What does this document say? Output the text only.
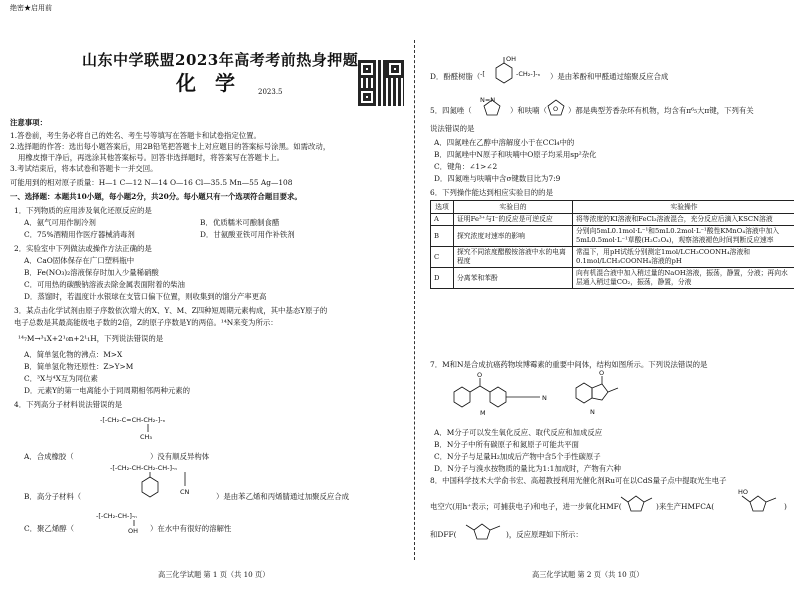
绝密★启用前
山东中学联盟2023年高考考前热身押题
化 学 2023.5
注意事项：
1.答卷前，考生务必将自己的姓名、考生号等填写在答题卡和试卷指定位置。
2.选择题的作答：选出每小题答案后，用2B铅笔把答题卡上对应题目的答案标号涂黑。如需改动，
用橡皮擦干净后，再选涂其他答案标号。回答非选择题时，将答案写在答题卡上。
3.考试结束后，将本试卷和答题卡一并交回。
可能用到的相对原子质量：H—1 C—12 N—14 O—16 Cl—35.5 Mn—55 Ag—108
一、选择题：本题共10小题，每小题2分，共20分。每小题只有一个选项符合题目要求。
1．下列物质的应用涉及氧化还原反应的是
A．氨气可用作制冷剂	B．优质糯米可酿制食醋
C．75%酒精用作医疗器械消毒剂	D．甘氨酸亚铁可用作补铁剂
2．实验室中下列做法或操作方法正确的是
A．CaO固体保存在广口塑料瓶中
B．Fe(NO₃)₂溶液保存时加入少量稀硝酸
C．可用热的碳酸钠溶液去除金属表面附着的柴油
D．蒸馏时，若温度计水银球在支管口偏下位置，则收集到的馏分产率更高
3．某点击化学试剂由原子序数依次增大的X、Y、M、Z四种短周期元素构成，其中基态Y原子的
电子总数是其最高能级电子数的2倍，Z的原子序数是Y的两倍。¹⁴N来变为所示：
¹⁴₇M→³₁X+2¹₀n+2¹₁H，下列说法错误的是
A．简单氢化物的沸点：M>X
B．简单氢化物还原性：Z>Y>M
C．³X与⁴X互为同位素
D．元素Y的第一电离能小于同周期相邻两种元素的
4．下列高分子材料说法错误的是
-[-CH₂-C=CH-CH₂-]-ₙ
CH₃
A．合成橡胶（	）没有顺反异构体
-[-CH₂-CH-CH₂-CH-]-ₙ
CN
B．高分子材料（	）是由苯乙烯和丙烯腈通过加聚反应合成
-[-CH₂-CH-]-ₙ
OH
C．聚乙烯醇（	）在水中有很好的溶解性
高三化学试题 第 1 页（共 10 页）
-[
OH
-CH₂-]-ₙ
D．酚醛树脂（	）是由苯酚和甲醛通过缩聚反应合成
5．四氮唑（
N=N
）和呋喃（ O ）都是典型芳香杂环有机物，均含有π⁶₅大π键，下列有关
说法错误的是
A．四氮唑在乙醇中溶解度小于在CCl₄中的
B．四氮唑中N原子和呋喃中O原子均采用sp²杂化
C．键角：∠1>∠2
D．四氮唑与呋喃中含σ键数目比为7:9
6．下列操作能达到相应实验目的的是
选项	实验目的	实验操作
A	证明Fe³⁺与I⁻的反应是可逆反应	将等浓度的KI溶液和FeCl₃溶液混合，充分反应后滴入KSCN溶液
B	探究浓度对速率的影响	分别向5mL0.1mol·L⁻¹和5mL0.2mol·L⁻¹酸性KMnO₄溶液中加入5mL0.5mol·L⁻¹草酸(H₂C₂O₄)，观察溶液褪色时间判断反应速率
C	探究不同浓度醋酸铵溶液中水的电离程度	常温下，用pH试纸分别测定1mol/LCH₃COONH₄溶液和0.1mol/LCH₃COONH₄溶液的pH
D	分离苯和苯酚	向有机混合液中加入稍过量的NaOH溶液，振荡，静置，分液；再向水层通入稍过量CO₂，振荡，静置，分液
7．M和N是合成抗癌药物埃博霉素的重要中间体，结构如图所示。下列说法错误的是
O
N
M
O
N
A．M分子可以发生氧化反应、取代反应和加成反应
B．N分子中所有碳原子和氮原子可能共平面
C．N分子与足量H₂加成后产物中含5个手性碳原子
D．N分子与溴水按物质的量比为1:1加成时，产物有六种
8．中国科学技术大学俞书宏、高超教授利用光催化剂Ru可在以CdS量子点中提取光生电子
电空穴(用h⁺表示；可捕获电子)和电子，进一步氧化HMF(	)来生产HMFCA(
HO
)
和DFF(	)，反应原理如下所示：
高三化学试题 第 2 页（共 10 页）
